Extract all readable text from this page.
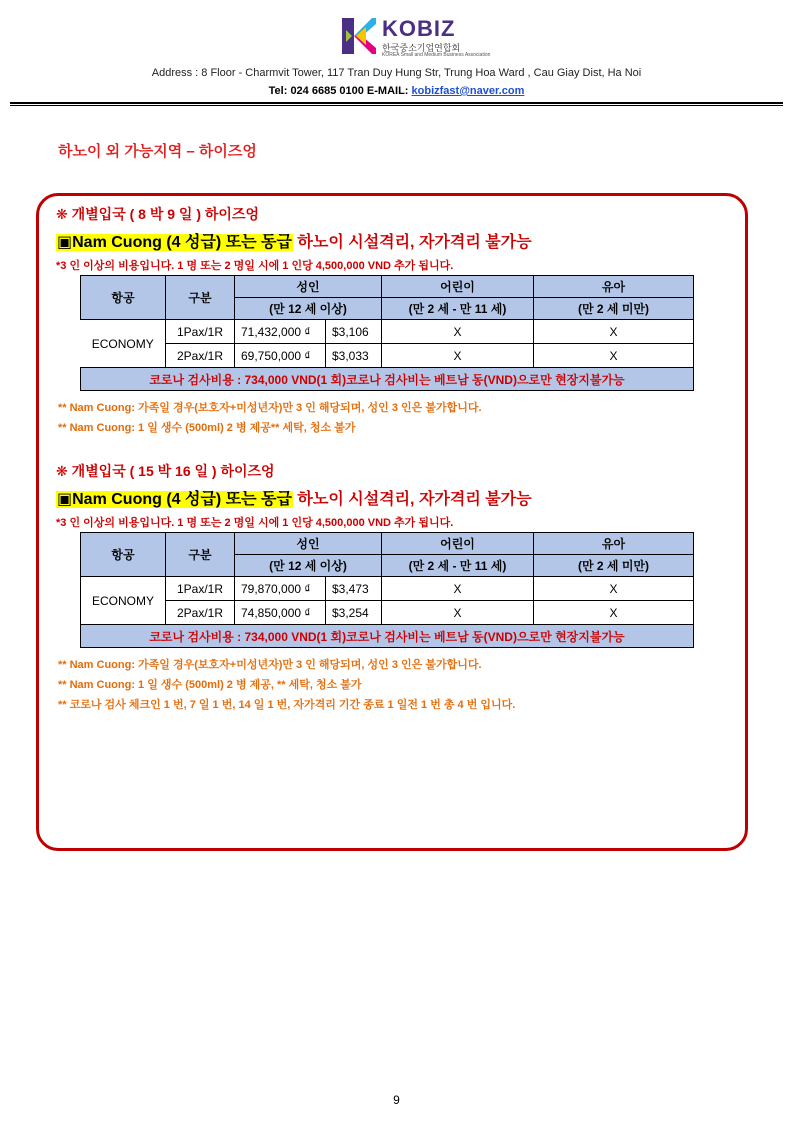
KOBIZ
한국중소기업연합회
KOREA Small and Medium Business Association
Address : 8 Floor - Charmvit Tower, 117 Tran Duy Hung Str, Trung Hoa Ward , Cau Giay Dist, Ha Noi
Tel: 024 6685 0100 E-MAIL: kobizfast@naver.com
하노이 외 가능지역 – 하이즈엉
❋ 개별입국 ( 8 박 9 일 ) 하이즈엉
▣Nam Cuong (4 성급) 또는 동급 하노이 시설격리, 자가격리 불가능
*3 인 이상의 비용입니다. 1 명 또는 2 명일 시에 1 인당 4,500,000 VND 추가 됩니다.
항공	구분	성인		어린이	유아
		(만 12 세 이상)		(만 2 세 - 만 11 세)	(만 2 세 미만)
ECONOMY	1Pax/1R	71,432,000 ₫	$3,106	X	X
	2Pax/1R	69,750,000 ₫	$3,033	X	X
코로나 검사비용 : 734,000 VND(1 회)코로나 검사비는 베트남 동(VND)으로만 현장지불가능					
** Nam Cuong: 가족일 경우(보호자+미성년자)만 3 인 해당되며, 성인 3 인은 불가합니다.
** Nam Cuong: 1 일 생수 (500ml) 2 병 제공** 세탁, 청소 불가
❋ 개별입국 ( 15 박 16 일 ) 하이즈엉
▣Nam Cuong (4 성급) 또는 동급 하노이 시설격리, 자가격리 불가능
*3 인 이상의 비용입니다. 1 명 또는 2 명일 시에 1 인당 4,500,000 VND 추가 됩니다.
항공	구분	성인		어린이	유아
		(만 12 세 이상)		(만 2 세 - 만 11 세)	(만 2 세 미만)
ECONOMY	1Pax/1R	79,870,000 ₫	$3,473	X	X
	2Pax/1R	74,850,000 ₫	$3,254	X	X
코로나 검사비용 : 734,000 VND(1 회)코로나 검사비는 베트남 동(VND)으로만 현장지불가능					
** Nam Cuong: 가족일 경우(보호자+미성년자)만 3 인 해당되며, 성인 3 인은 불가합니다.
** Nam Cuong: 1 일 생수 (500ml) 2 병 제공, ** 세탁, 청소 불가
** 코로나 검사 체크인 1 번, 7 일 1 번, 14 일 1 번, 자가격리 기간 종료 1 일전 1 번 총 4 번 입니다.
9
